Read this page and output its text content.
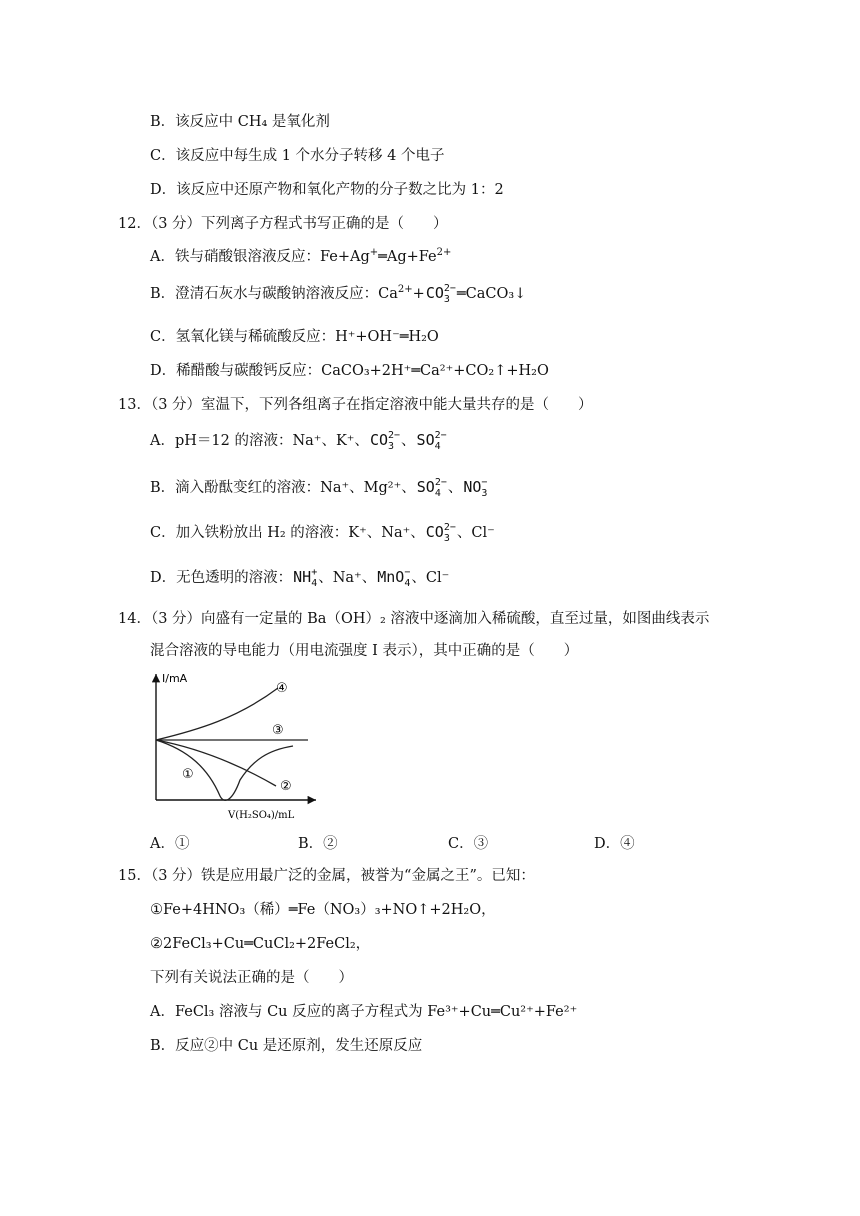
B．该反应中 CH₄ 是氧化剂
C．该反应中每生成 1 个水分子转移 4 个电子
D．该反应中还原产物和氧化产物的分子数之比为 1：2
12．（3 分）下列离子方程式书写正确的是（　　）
A．铁与硝酸银溶液反应：$Fe+Ag^+═Ag+Fe^{2+}$
B．澄清石灰水与碳酸钠溶液反应：$Ca^{2+}+CO$ 2−
3 ═CaCO₃↓
C．氢氧化镁与稀硫酸反应：H⁺+OH⁻═H₂O
D．稀醋酸与碳酸钙反应：CaCO₃+2H⁺═Ca²⁺+CO₂↑+H₂O
13．（3 分）室温下，下列各组离子在指定溶液中能大量共存的是（　　）
A．pH＝12 的溶液：Na⁺、K⁺、CO 2−
3 、SO 2−
4
B．滴入酚酞变红的溶液：Na⁺、Mg²⁺、SO 2−
4 、NO −
3
C．加入铁粉放出 H₂ 的溶液：K⁺、Na⁺、CO 2−
3 、Cl⁻
D．无色透明的溶液：NH +
4 、Na⁺、MnO −
4 、Cl⁻
14．（3 分）向盛有一定量的 Ba（OH）₂ 溶液中逐滴加入稀硫酸，直至过量，如图曲线表示
混合溶液的导电能力（用电流强度 I 表示），其中正确的是（　　）
I/mA
V(H₂SO₄)/mL
④
③
②
①
A．①	B．②	C．③	D．④
15．（3 分）铁是应用最广泛的金属，被誉为“金属之王”。已知：
①Fe+4HNO₃（稀）═Fe（NO₃）₃+NO↑+2H₂O，
②2FeCl₃+Cu═CuCl₂+2FeCl₂，
下列有关说法正确的是（　　）
A．FeCl₃ 溶液与 Cu 反应的离子方程式为 Fe³⁺+Cu═Cu²⁺+Fe²⁺
B．反应②中 Cu 是还原剂，发生还原反应
